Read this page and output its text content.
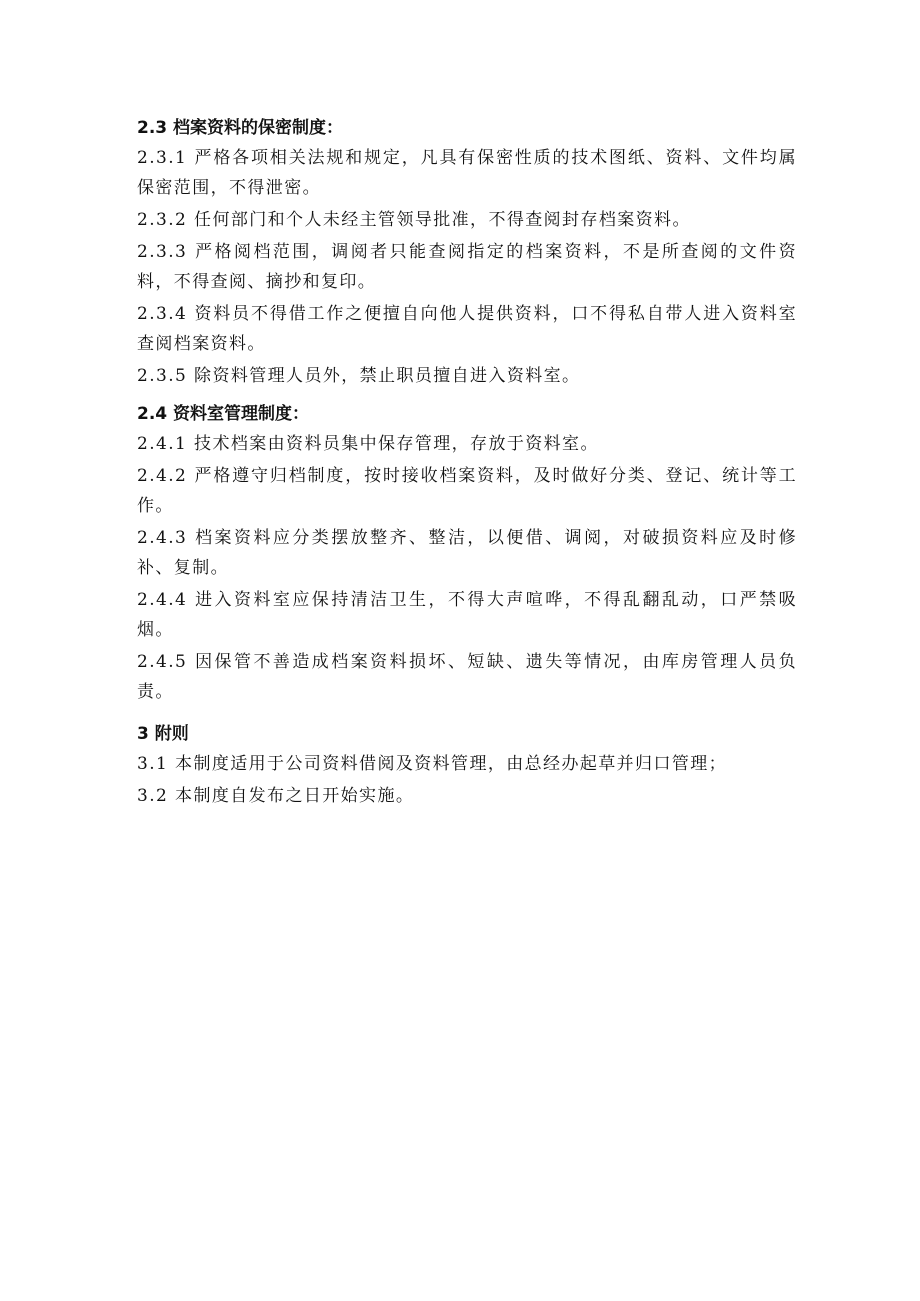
2.3 档案资料的保密制度：

2.3.1 严格各项相关法规和规定，凡具有保密性质的技术图纸、资料、文件均属保密范围，不得泄密。

2.3.2 任何部门和个人未经主管领导批准，不得查阅封存档案资料。

2.3.3 严格阅档范围，调阅者只能查阅指定的档案资料，不是所查阅的文件资料，不得查阅、摘抄和复印。

2.3.4 资料员不得借工作之便擅自向他人提供资料，口不得私自带人进入资料室查阅档案资料。

2.3.5 除资料管理人员外，禁止职员擅自进入资料室。

2.4 资料室管理制度：

2.4.1 技术档案由资料员集中保存管理，存放于资料室。

2.4.2 严格遵守归档制度，按时接收档案资料，及时做好分类、登记、统计等工作。

2.4.3 档案资料应分类摆放整齐、整洁，以便借、调阅，对破损资料应及时修补、复制。

2.4.4 进入资料室应保持清洁卫生，不得大声喧哗，不得乱翻乱动，口严禁吸烟。

2.4.5 因保管不善造成档案资料损坏、短缺、遗失等情况，由库房管理人员负责。

3 附则

3.1 本制度适用于公司资料借阅及资料管理，由总经办起草并归口管理；

3.2 本制度自发布之日开始实施。
